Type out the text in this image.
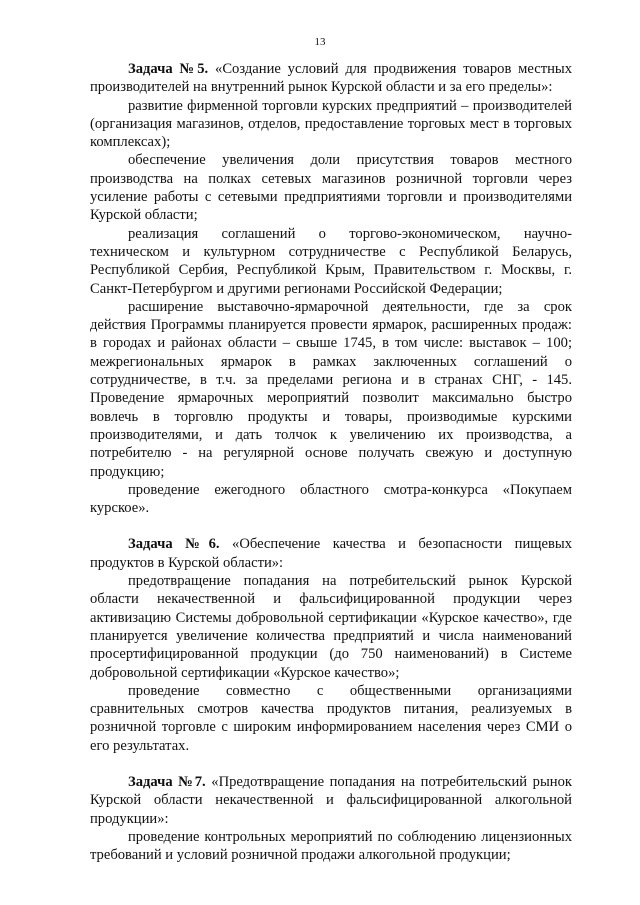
13

Задача №5. «Создание условий для продвижения товаров местных производителей на внутренний рынок Курской области и за его пределы»:

развитие фирменной торговли курских предприятий – производителей (организация магазинов, отделов, предоставление торговых мест в торговых комплексах);

обеспечение увеличения доли присутствия товаров местного производства на полках сетевых магазинов розничной торговли через усиление работы с сетевыми предприятиями торговли и производителями Курской области;

реализация соглашений о торгово-экономическом, научно-техническом и культурном сотрудничестве с Республикой Беларусь, Республикой Сербия, Республикой Крым, Правительством г. Москвы, г. Санкт-Петербургом и другими регионами Российской Федерации;

расширение выставочно-ярмарочной деятельности, где за срок действия Программы планируется провести ярмарок, расширенных продаж: в городах и районах области – свыше 1745, в том числе: выставок – 100; межрегиональных ярмарок в рамках заключенных соглашений о сотрудничестве, в т.ч. за пределами региона и в странах СНГ, - 145. Проведение ярмарочных мероприятий позволит максимально быстро вовлечь в торговлю продукты и товары, производимые курскими производителями, и дать толчок к увеличению их производства, а потребителю - на регулярной основе получать свежую и доступную продукцию;

проведение ежегодного областного смотра-конкурса «Покупаем курское».

Задача №6. «Обеспечение качества и безопасности пищевых продуктов в Курской области»:

предотвращение попадания на потребительский рынок Курской области некачественной и фальсифицированной продукции через активизацию Системы добровольной сертификации «Курское качество», где планируется увеличение количества предприятий и числа наименований просертифицированной продукции (до 750 наименований) в Системе добровольной сертификации «Курское качество»;

проведение совместно с общественными организациями сравнительных смотров качества продуктов питания, реализуемых в розничной торговле с широким информированием населения через СМИ о его результатах.

Задача №7. «Предотвращение попадания на потребительский рынок Курской области некачественной и фальсифицированной алкогольной продукции»:

проведение контрольных мероприятий по соблюдению лицензионных требований и условий розничной продажи алкогольной продукции;
